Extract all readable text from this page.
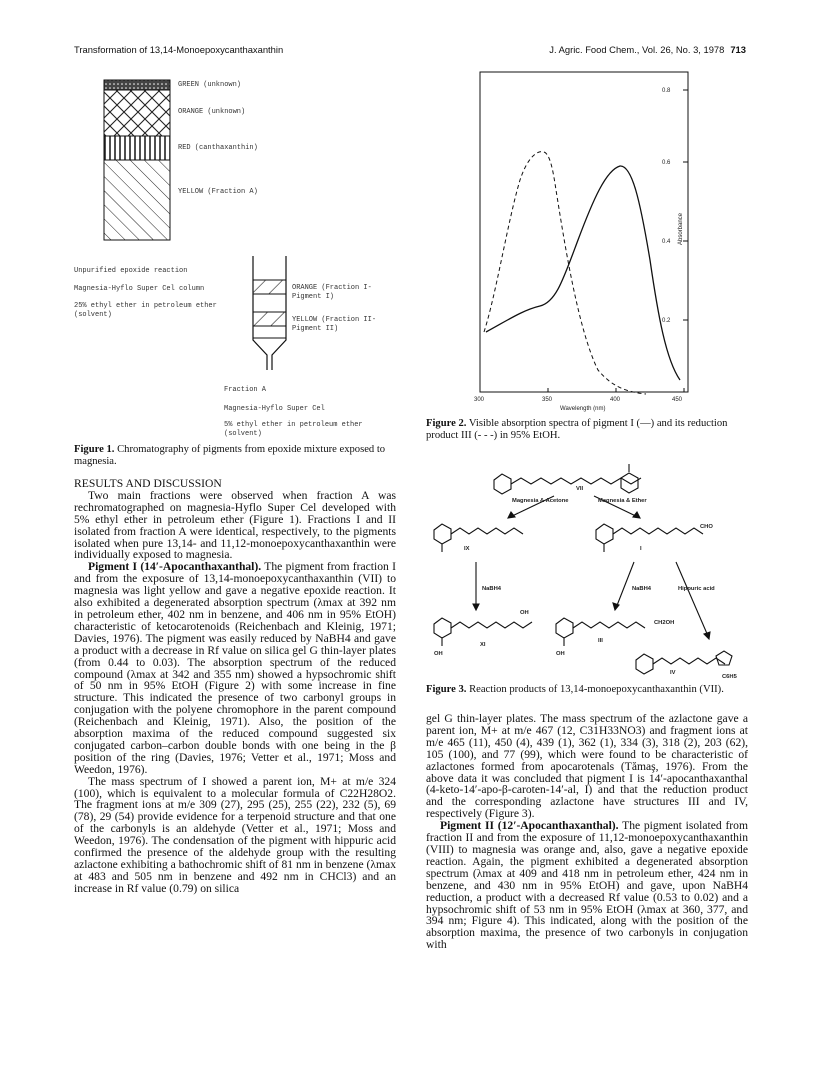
Transformation of 13,14-Monoepoxycanthaxanthin	J. Agric. Food Chem., Vol. 26, No. 3, 1978 713
GREEN (unknown)
ORANGE (unknown)
RED (canthaxanthin)
YELLOW (Fraction A)
Unpurified epoxide reaction
Magnesia-Hyflo Super Cel column
25% ethyl ether in petroleum ether (solvent)
ORANGE (Fraction I- Pigment I)
YELLOW (Fraction II- Pigment II)
Fraction A
Magnesia-Hyflo Super Cel
5% ethyl ether in petroleum ether (solvent)
Figure 1. Chromatography of pigments from epoxide mixture exposed to magnesia.
0.8
0.6
0.4
0.2
Absorbance
300	350	400	450
Wavelength (nm)
Figure 2. Visible absorption spectra of pigment I (—) and its reduction product III (- - -) in 95% EtOH.
VII
Magnesia & Acetone	Magnesia & Ether
IX	I
CHO
NaBH4	NaBH4	Hippuric acid
OH
XI
OH
CH2OH
III
OH
IV
C6H5
Figure 3. Reaction products of 13,14-monoepoxycanthaxanthin (VII).

RESULTS AND DISCUSSION

Two main fractions were observed when fraction A was rechromatographed on magnesia-Hyflo Super Cel developed with 5% ethyl ether in petroleum ether (Figure 1). Fractions I and II isolated from fraction A were identical, respectively, to the pigments isolated when pure 13,14- and 11,12-monoepoxycanthaxanthin were individually exposed to magnesia.

Pigment I (14′-Apocanthaxanthal). The pigment from fraction I and from the exposure of 13,14-monoepoxycanthaxanthin (VII) to magnesia was light yellow and gave a negative epoxide reaction. It also exhibited a degenerated absorption spectrum (λmax at 392 nm in petroleum ether, 402 nm in benzene, and 406 nm in 95% EtOH) characteristic of ketocarotenoids (Reichenbach and Kleinig, 1971; Davies, 1976). The pigment was easily reduced by NaBH4 and gave a product with a decrease in Rf value on silica gel G thin-layer plates (from 0.44 to 0.03). The absorption spectrum of the reduced compound (λmax at 342 and 355 nm) showed a hypsochromic shift of 50 nm in 95% EtOH (Figure 2) with some increase in fine structure. This indicated the presence of two carbonyl groups in conjugation with the polyene chromophore in the parent compound (Reichenbach and Kleinig, 1971). Also, the position of the absorption maxima of the reduced compound suggested six conjugated carbon–carbon double bonds with one being in the β position of the ring (Davies, 1976; Vetter et al., 1971; Moss and Weedon, 1976).

The mass spectrum of I showed a parent ion, M+ at m/e 324 (100), which is equivalent to a molecular formula of C22H28O2. The fragment ions at m/e 309 (27), 295 (25), 255 (22), 232 (5), 69 (78), 29 (54) provide evidence for a terpenoid structure and that one of the carbonyls is an aldehyde (Vetter et al., 1971; Moss and Weedon, 1976). The condensation of the pigment with hippuric acid confirmed the presence of the aldehyde group with the resulting azlactone exhibiting a bathochromic shift of 81 nm in benzene (λmax at 483 and 505 nm in benzene and 492 nm in CHCl3) and an increase in Rf value (0.79) on silica

gel G thin-layer plates. The mass spectrum of the azlactone gave a parent ion, M+ at m/e 467 (12, C31H33NO3) and fragment ions at m/e 465 (11), 450 (4), 439 (1), 362 (1), 334 (3), 318 (2), 203 (62), 105 (100), and 77 (99), which were found to be characteristic of azlactones formed from apocarotenals (Tămaş, 1976). From the above data it was concluded that pigment I is 14′-apocanthaxanthal (4-keto-14′-apo-β-caroten-14′-al, I) and that the reduction product and the corresponding azlactone have structures III and IV, respectively (Figure 3).

Pigment II (12′-Apocanthaxanthal). The pigment isolated from fraction II and from the exposure of 11,12-monoepoxycanthaxanthin (VIII) to magnesia was orange and, also, gave a negative epoxide reaction. Again, the pigment exhibited a degenerated absorption spectrum (λmax at 409 and 418 nm in petroleum ether, 424 nm in benzene, and 430 nm in 95% EtOH) and gave, upon NaBH4 reduction, a product with a decreased Rf value (0.53 to 0.02) and a hypsochromic shift of 53 nm in 95% EtOH (λmax at 360, 377, and 394 nm; Figure 4). This indicated, along with the position of the absorption maxima, the presence of two carbonyls in conjugation with
